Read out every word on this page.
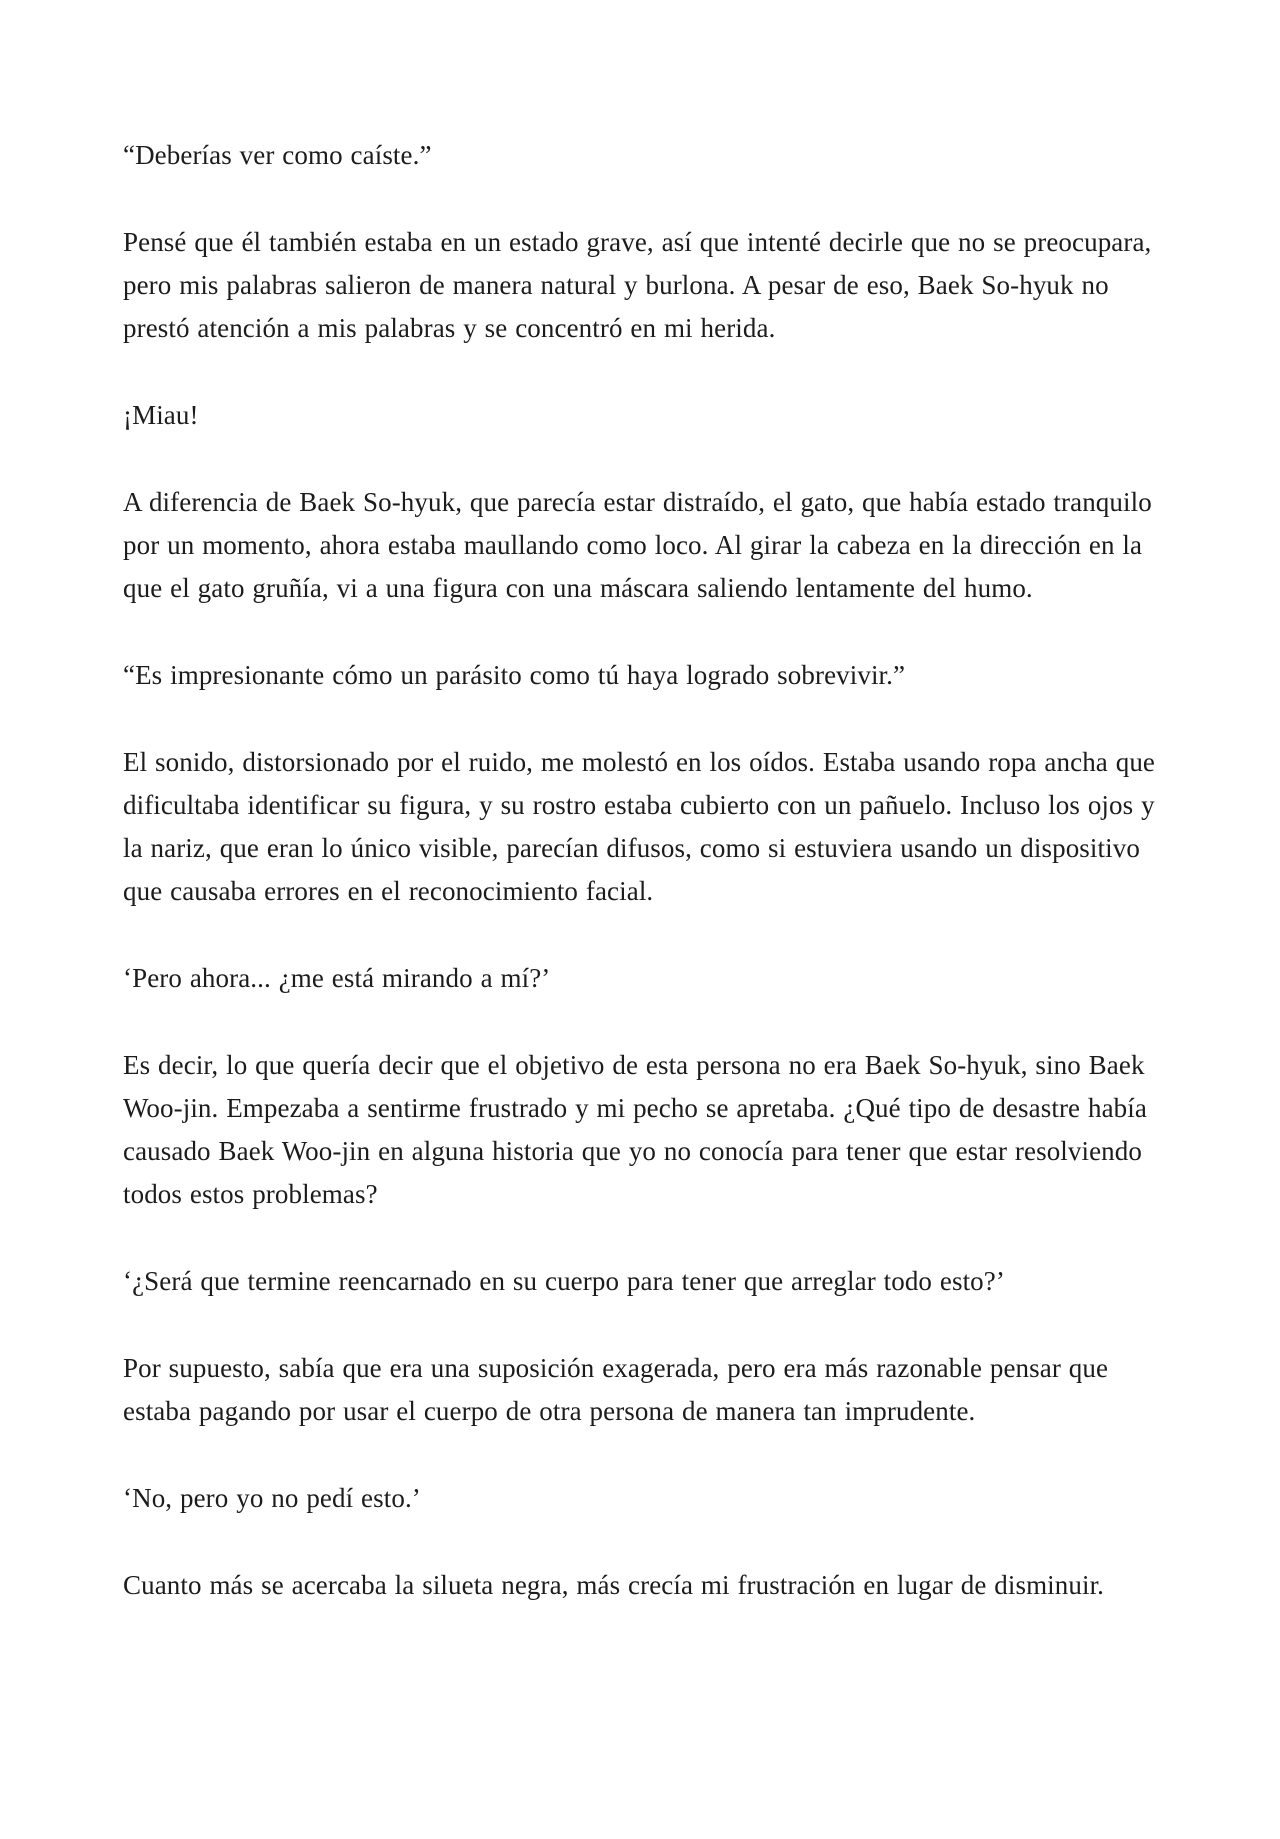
“Deberías ver como caíste.”

Pensé que él también estaba en un estado grave, así que intenté decirle que no se preocupara, pero mis palabras salieron de manera natural y burlona. A pesar de eso, Baek So-hyuk no prestó atención a mis palabras y se concentró en mi herida.

¡Miau!

A diferencia de Baek So-hyuk, que parecía estar distraído, el gato, que había estado tranquilo por un momento, ahora estaba maullando como loco. Al girar la cabeza en la dirección en la que el gato gruñía, vi a una figura con una máscara saliendo lentamente del humo.

“Es impresionante cómo un parásito como tú haya logrado sobrevivir.”

El sonido, distorsionado por el ruido, me molestó en los oídos. Estaba usando ropa ancha que dificultaba identificar su figura, y su rostro estaba cubierto con un pañuelo. Incluso los ojos y la nariz, que eran lo único visible, parecían difusos, como si estuviera usando un dispositivo que causaba errores en el reconocimiento facial.

‘Pero ahora... ¿me está mirando a mí?’

Es decir, lo que quería decir que el objetivo de esta persona no era Baek So-hyuk, sino Baek Woo-jin. Empezaba a sentirme frustrado y mi pecho se apretaba. ¿Qué tipo de desastre había causado Baek Woo-jin en alguna historia que yo no conocía para tener que estar resolviendo todos estos problemas?

‘¿Será que termine reencarnado en su cuerpo para tener que arreglar todo esto?’

Por supuesto, sabía que era una suposición exagerada, pero era más razonable pensar que estaba pagando por usar el cuerpo de otra persona de manera tan imprudente.

‘No, pero yo no pedí esto.’

Cuanto más se acercaba la silueta negra, más crecía mi frustración en lugar de disminuir.
